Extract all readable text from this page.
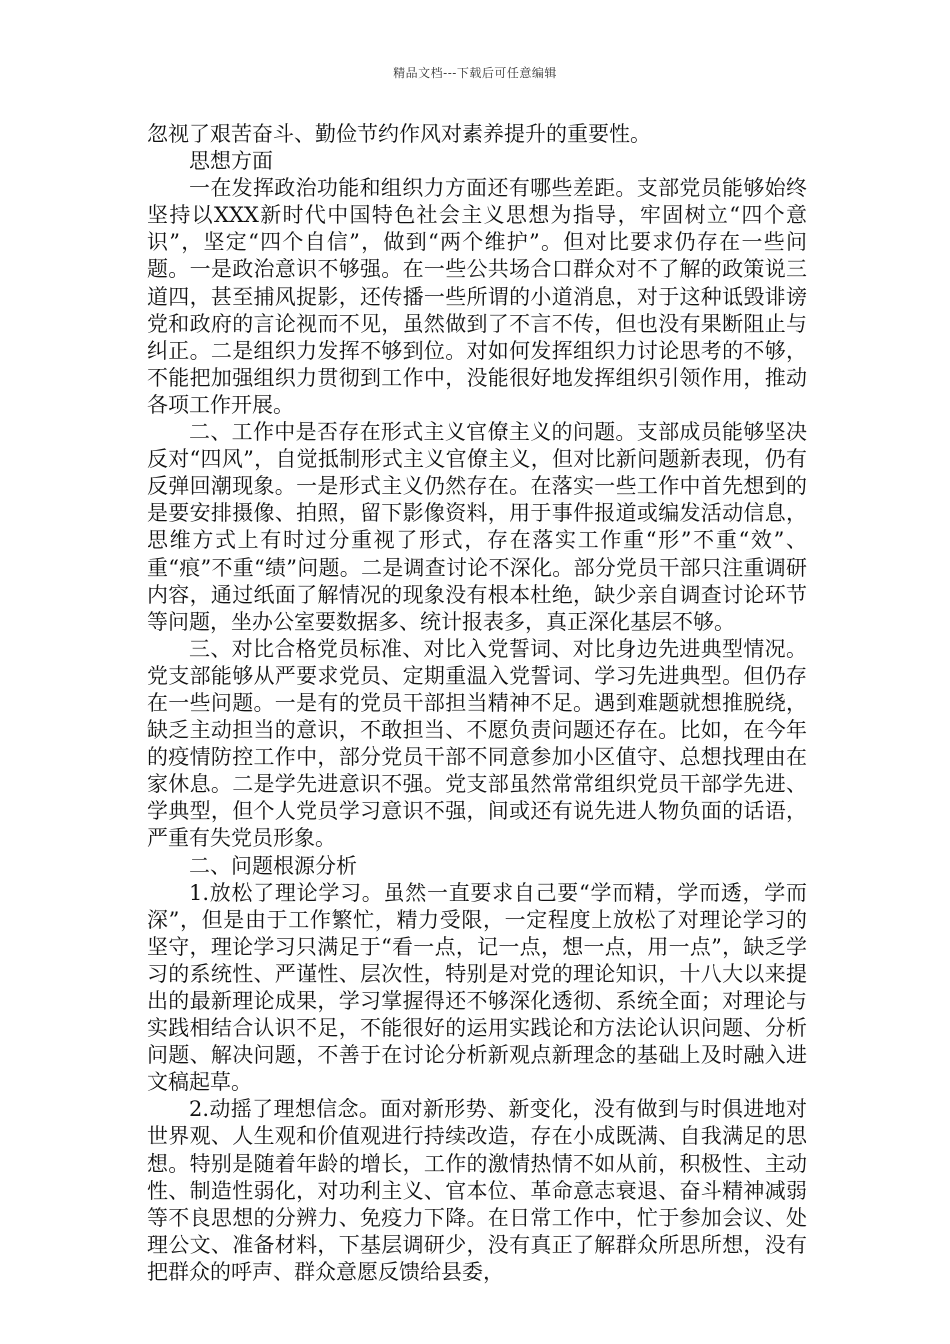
精品文档---下载后可任意编辑

忽视了艰苦奋斗、勤俭节约作风对素养提升的重要性。

思想方面

一在发挥政治功能和组织力方面还有哪些差距。支部党员能够始终坚持以XXX新时代中国特色社会主义思想为指导，牢固树立“四个意识”，坚定“四个自信”，做到“两个维护”。但对比要求仍存在一些问题。一是政治意识不够强。在一些公共场合口群众对不了解的政策说三道四，甚至捕风捉影，还传播一些所谓的小道消息，对于这种诋毁诽谤党和政府的言论视而不见，虽然做到了不言不传，但也没有果断阻止与纠正。二是组织力发挥不够到位。对如何发挥组织力讨论思考的不够，不能把加强组织力贯彻到工作中，没能很好地发挥组织引领作用，推动各项工作开展。

二、工作中是否存在形式主义官僚主义的问题。支部成员能够坚决反对“四风”，自觉抵制形式主义官僚主义，但对比新问题新表现，仍有反弹回潮现象。一是形式主义仍然存在。在落实一些工作中首先想到的是要安排摄像、拍照，留下影像资料，用于事件报道或编发活动信息，思维方式上有时过分重视了形式，存在落实工作重“形”不重“效”、重“痕”不重“绩”问题。二是调查讨论不深化。部分党员干部只注重调研内容，通过纸面了解情况的现象没有根本杜绝，缺少亲自调查讨论环节等问题，坐办公室要数据多、统计报表多，真正深化基层不够。

三、对比合格党员标准、对比入党誓词、对比身边先进典型情况。党支部能够从严要求党员、定期重温入党誓词、学习先进典型。但仍存在一些问题。一是有的党员干部担当精神不足。遇到难题就想推脱绕，缺乏主动担当的意识，不敢担当、不愿负责问题还存在。比如，在今年的疫情防控工作中，部分党员干部不同意参加小区值守、总想找理由在家休息。二是学先进意识不强。党支部虽然常常组织党员干部学先进、学典型，但个人党员学习意识不强，间或还有说先进人物负面的话语，严重有失党员形象。

二、问题根源分析

1.放松了理论学习。虽然一直要求自己要“学而精，学而透，学而深”，但是由于工作繁忙，精力受限，一定程度上放松了对理论学习的坚守，理论学习只满足于“看一点，记一点，想一点，用一点”，缺乏学习的系统性、严谨性、层次性，特别是对党的理论知识，十八大以来提出的最新理论成果，学习掌握得还不够深化透彻、系统全面；对理论与实践相结合认识不足，不能很好的运用实践论和方法论认识问题、分析问题、解决问题，不善于在讨论分析新观点新理念的基础上及时融入进文稿起草。

2.动摇了理想信念。面对新形势、新变化，没有做到与时俱进地对世界观、人生观和价值观进行持续改造，存在小成既满、自我满足的思想。特别是随着年龄的增长，工作的激情热情不如从前，积极性、主动性、制造性弱化，对功利主义、官本位、革命意志衰退、奋斗精神减弱等不良思想的分辨力、免疫力下降。在日常工作中，忙于参加会议、处理公文、准备材料，下基层调研少，没有真正了解群众所思所想，没有把群众的呼声、群众意愿反馈给县委，
